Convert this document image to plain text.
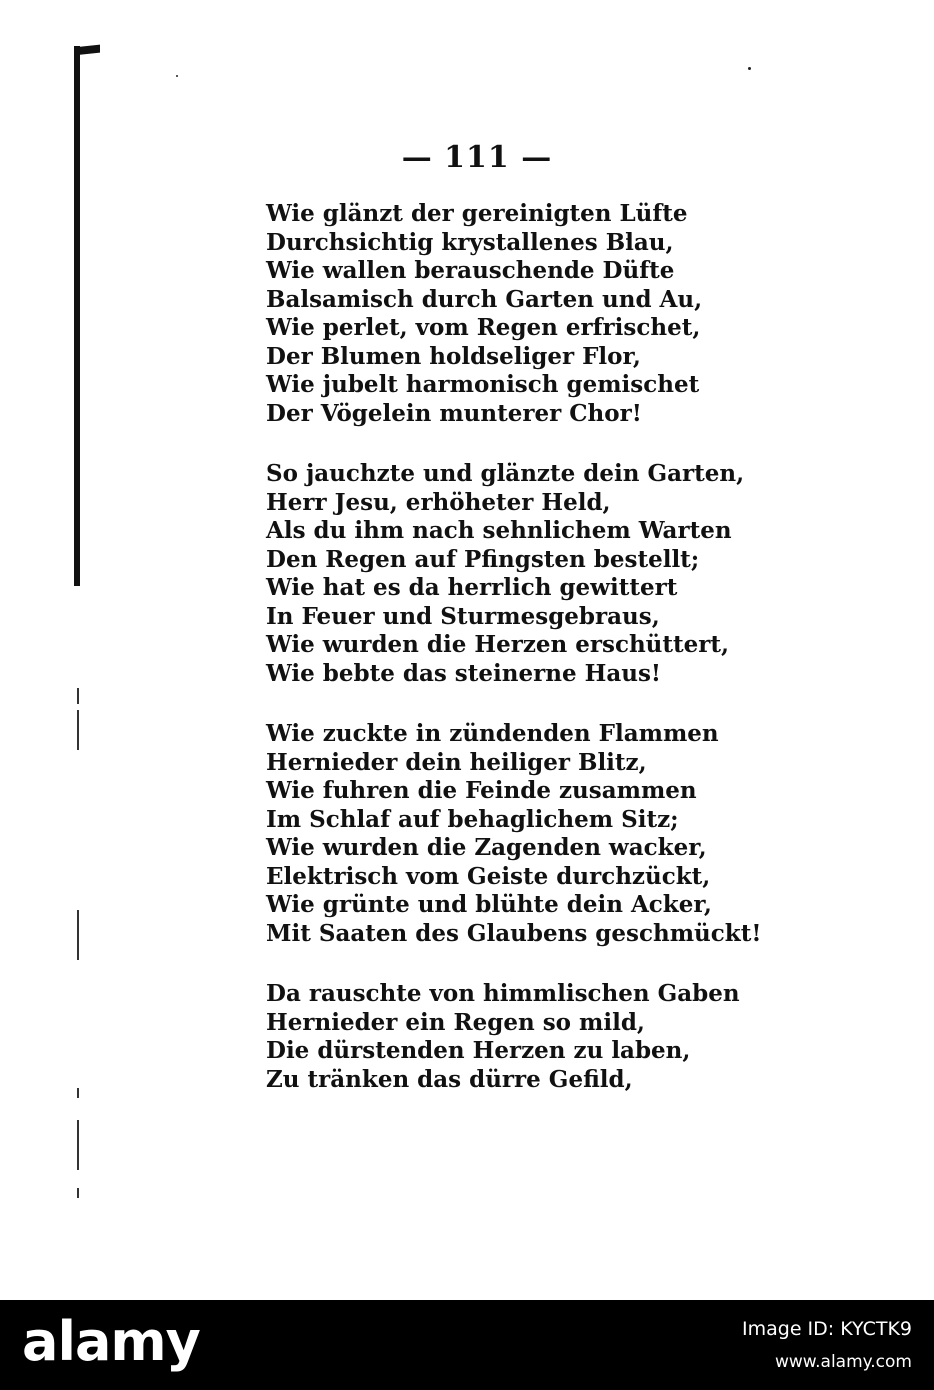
— 111 —
Wie glänzt der gereinigten Lüfte
Durchsichtig krystallenes Blau,
Wie wallen berauschende Düfte
Balsamisch durch Garten und Au,
Wie perlet, vom Regen erfrischet,
Der Blumen holdseliger Flor,
Wie jubelt harmonisch gemischet
Der Vögelein munterer Chor!
So jauchzte und glänzte dein Garten,
Herr Jesu, erhöheter Held,
Als du ihm nach sehnlichem Warten
Den Regen auf Pfingsten bestellt;
Wie hat es da herrlich gewittert
In Feuer und Sturmesgebraus,
Wie wurden die Herzen erschüttert,
Wie bebte das steinerne Haus!
Wie zuckte in zündenden Flammen
Hernieder dein heiliger Blitz,
Wie fuhren die Feinde zusammen
Im Schlaf auf behaglichem Sitz;
Wie wurden die Zagenden wacker,
Elektrisch vom Geiste durchzückt,
Wie grünte und blühte dein Acker,
Mit Saaten des Glaubens geschmückt!
Da rauschte von himmlischen Gaben
Hernieder ein Regen so mild,
Die dürstenden Herzen zu laben,
Zu tränken das dürre Gefild,
alamy	Image ID: KYCTK9
www.alamy.com
